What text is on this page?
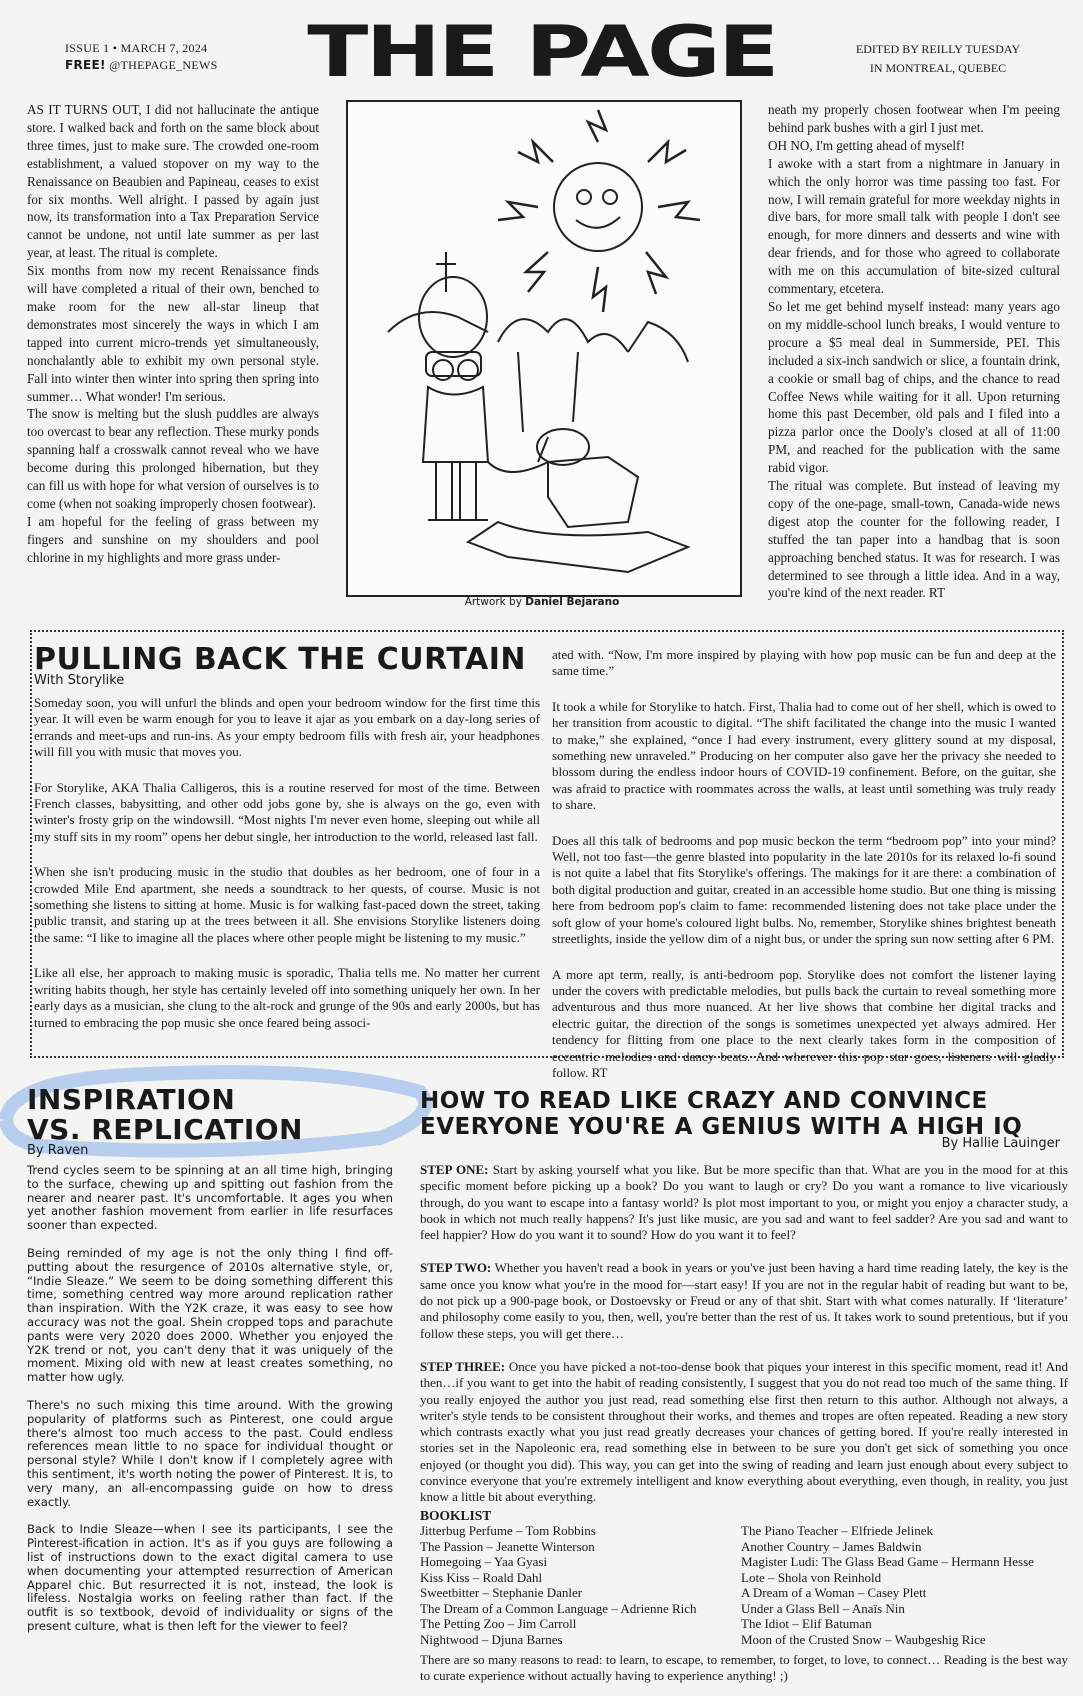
ISSUE 1 • MARCH 7, 2024
FREE! @THEPAGE_NEWS	THE PAGE	EDITED BY REILLY TUESDAY
IN MONTREAL, QUEBEC

AS IT TURNS OUT, I did not hallucinate the antique store. I walked back and forth on the same block about three times, just to make sure. The crowded one-room establishment, a valued stopover on my way to the Renaissance on Beaubien and Papineau, ceases to exist for six months. Well alright. I passed by again just now, its transformation into a Tax Preparation Service cannot be undone, not until late summer as per last year, at least. The ritual is complete.

Six months from now my recent Renaissance finds will have completed a ritual of their own, benched to make room for the new all-star lineup that demonstrates most sincerely the ways in which I am tapped into current micro-trends yet simultaneously, nonchalantly able to exhibit my own personal style. Fall into winter then winter into spring then spring into summer… What wonder! I'm serious.

The snow is melting but the slush puddles are always too overcast to bear any reflection. These murky ponds spanning half a crosswalk cannot reveal who we have become during this prolonged hibernation, but they can fill us with hope for what version of ourselves is to come (when not soaking improperly chosen footwear).

I am hopeful for the feeling of grass between my fingers and sunshine on my shoulders and pool chlorine in my highlights and more grass under-

Artwork by Daniel Bejarano

neath my properly chosen footwear when I'm peeing behind park bushes with a girl I just met.

OH NO, I'm getting ahead of myself!

I awoke with a start from a nightmare in January in which the only horror was time passing too fast. For now, I will remain grateful for more weekday nights in dive bars, for more small talk with people I don't see enough, for more dinners and desserts and wine with dear friends, and for those who agreed to collaborate with me on this accumulation of bite-sized cultural commentary, etcetera.

So let me get behind myself instead: many years ago on my middle-school lunch breaks, I would venture to procure a $5 meal deal in Summerside, PEI. This included a six-inch sandwich or slice, a fountain drink, a cookie or small bag of chips, and the chance to read Coffee News while waiting for it all. Upon returning home this past December, old pals and I filed into a pizza parlor once the Dooly's closed at all of 11:00 PM, and reached for the publication with the same rabid vigor.

The ritual was complete. But instead of leaving my copy of the one-page, small-town, Canada-wide news digest atop the counter for the following reader, I stuffed the tan paper into a handbag that is soon approaching benched status. It was for research. I was determined to see through a little idea. And in a way, you're kind of the next reader. RT

PULLING BACK THE CURTAIN
With Storylike

Someday soon, you will unfurl the blinds and open your bedroom window for the first time this year. It will even be warm enough for you to leave it ajar as you embark on a day-long series of errands and meet-ups and run-ins. As your empty bedroom fills with fresh air, your headphones will fill you with music that moves you.

For Storylike, AKA Thalia Calligeros, this is a routine reserved for most of the time. Between French classes, babysitting, and other odd jobs gone by, she is always on the go, even with winter's frosty grip on the windowsill. “Most nights I'm never even home, sleeping out while all my stuff sits in my room” opens her debut single, her introduction to the world, released last fall.

When she isn't producing music in the studio that doubles as her bedroom, one of four in a crowded Mile End apartment, she needs a soundtrack to her quests, of course. Music is not something she listens to sitting at home. Music is for walking fast-paced down the street, taking public transit, and staring up at the trees between it all. She envisions Storylike listeners doing the same: “I like to imagine all the places where other people might be listening to my music.”

Like all else, her approach to making music is sporadic, Thalia tells me. No matter her current writing habits though, her style has certainly leveled off into something uniquely her own. In her early days as a musician, she clung to the alt-rock and grunge of the 90s and early 2000s, but has turned to embracing the pop music she once feared being associ-

ated with. “Now, I'm more inspired by playing with how pop music can be fun and deep at the same time.”

It took a while for Storylike to hatch. First, Thalia had to come out of her shell, which is owed to her transition from acoustic to digital. “The shift facilitated the change into the music I wanted to make,” she explained, “once I had every instrument, every glittery sound at my disposal, something new unraveled.” Producing on her computer also gave her the privacy she needed to blossom during the endless indoor hours of COVID-19 confinement. Before, on the guitar, she was afraid to practice with roommates across the walls, at least until something was truly ready to share.

Does all this talk of bedrooms and pop music beckon the term “bedroom pop” into your mind? Well, not too fast—the genre blasted into popularity in the late 2010s for its relaxed lo-fi sound is not quite a label that fits Storylike's offerings. The makings for it are there: a combination of both digital production and guitar, created in an accessible home studio. But one thing is missing here from bedroom pop's claim to fame: recommended listening does not take place under the soft glow of your home's coloured light bulbs. No, remember, Storylike shines brightest beneath streetlights, inside the yellow dim of a night bus, or under the spring sun now setting after 6 PM.

A more apt term, really, is anti-bedroom pop. Storylike does not comfort the listener laying under the covers with predictable melodies, but pulls back the curtain to reveal something more adventurous and thus more nuanced. At her live shows that combine her digital tracks and electric guitar, the direction of the songs is sometimes unexpected yet always admired. Her tendency for flitting from one place to the next clearly takes form in the composition of eccentric melodies and dancy beats. And wherever this pop star goes, listeners will gladly follow. RT

INSPIRATION
VS. REPLICATION
By Raven

Trend cycles seem to be spinning at an all time high, bringing to the surface, chewing up and spitting out fashion from the nearer and nearer past. It's uncomfortable. It ages you when yet another fashion movement from earlier in life resurfaces sooner than expected.

Being reminded of my age is not the only thing I find off-putting about the resurgence of 2010s alternative style, or, “Indie Sleaze.” We seem to be doing something different this time, something centred way more around replication rather than inspiration. With the Y2K craze, it was easy to see how accuracy was not the goal. Shein cropped tops and parachute pants were very 2020 does 2000. Whether you enjoyed the Y2K trend or not, you can't deny that it was uniquely of the moment. Mixing old with new at least creates something, no matter how ugly.

There's no such mixing this time around. With the growing popularity of platforms such as Pinterest, one could argue there's almost too much access to the past. Could endless references mean little to no space for individual thought or personal style? While I don't know if I completely agree with this sentiment, it's worth noting the power of Pinterest. It is, to very many, an all-encompassing guide on how to dress exactly.

Back to Indie Sleaze—when I see its participants, I see the Pinterest-ification in action. It's as if you guys are following a list of instructions down to the exact digital camera to use when documenting your attempted resurrection of American Apparel chic. But resurrected it is not, instead, the look is lifeless. Nostalgia works on feeling rather than fact. If the outfit is so textbook, devoid of individuality or signs of the present culture, what is then left for the viewer to feel?

HOW TO READ LIKE CRAZY AND CONVINCE
EVERYONE YOU'RE A GENIUS WITH A HIGH IQ
By Hallie Lauinger

STEP ONE: Start by asking yourself what you like. But be more specific than that. What are you in the mood for at this specific moment before picking up a book? Do you want to laugh or cry? Do you want a romance to live vicariously through, do you want to escape into a fantasy world? Is plot most important to you, or might you enjoy a character study, a book in which not much really happens? It's just like music, are you sad and want to feel sadder? Are you sad and want to feel happier? How do you want it to sound? How do you want it to feel?

STEP TWO: Whether you haven't read a book in years or you've just been having a hard time reading lately, the key is the same once you know what you're in the mood for—start easy! If you are not in the regular habit of reading but want to be, do not pick up a 900-page book, or Dostoevsky or Freud or any of that shit. Start with what comes naturally. If ‘literature’ and philosophy come easily to you, then, well, you're better than the rest of us. It takes work to sound pretentious, but if you follow these steps, you will get there…

STEP THREE: Once you have picked a not-too-dense book that piques your interest in this specific moment, read it! And then…if you want to get into the habit of reading consistently, I suggest that you do not read too much of the same thing. If you really enjoyed the author you just read, read something else first then return to this author. Although not always, a writer's style tends to be consistent throughout their works, and themes and tropes are often repeated. Reading a new story which contrasts exactly what you just read greatly decreases your chances of getting bored. If you're really interested in stories set in the Napoleonic era, read something else in between to be sure you don't get sick of something you once enjoyed (or thought you did). This way, you can get into the swing of reading and learn just enough about every subject to convince everyone that you're extremely intelligent and know everything about everything, even though, in reality, you just know a little bit about everything.

BOOKLIST
Jitterbug Perfume – Tom Robbins
The Passion – Jeanette Winterson
Homegoing – Yaa Gyasi
Kiss Kiss – Roald Dahl
Sweetbitter – Stephanie Danler
The Dream of a Common Language – Adrienne Rich
The Petting Zoo – Jim Carroll
Nightwood – Djuna Barnes
The Piano Teacher – Elfriede Jelinek
Another Country – James Baldwin
Magister Ludi: The Glass Bead Game – Hermann Hesse
Lote – Shola von Reinhold
A Dream of a Woman – Casey Plett
Under a Glass Bell – Anaïs Nin
The Idiot – Elif Batuman
Moon of the Crusted Snow – Waubgeshig Rice
There are so many reasons to read: to learn, to escape, to remember, to forget, to love, to connect… Reading is the best way to curate experience without actually having to experience anything! ;)
